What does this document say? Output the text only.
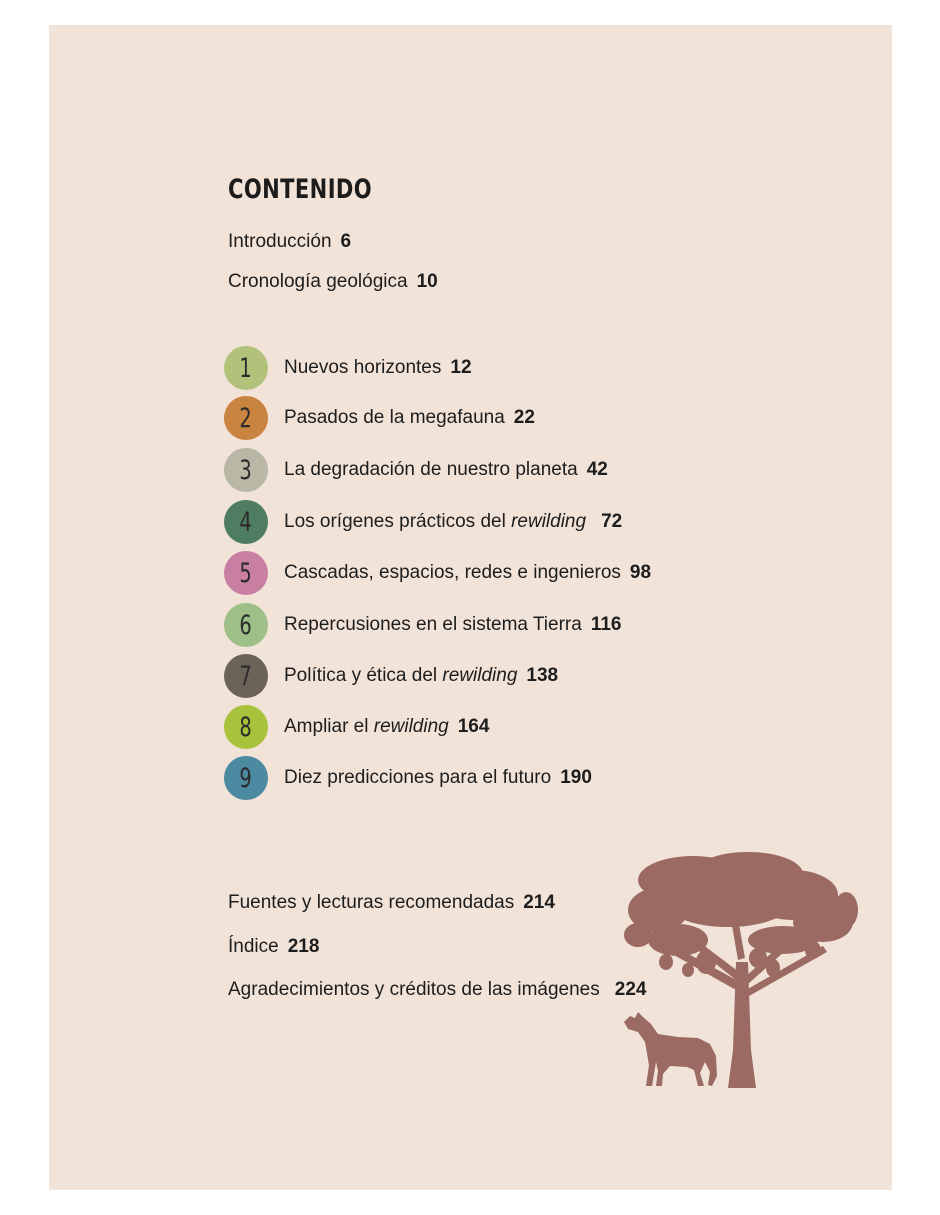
CONTENIDO
Introducción 6
Cronología geológica 10
1 Nuevos horizontes 12
2 Pasados de la megafauna 22
3 La degradación de nuestro planeta 42
4 Los orígenes prácticos del rewilding 72
5 Cascadas, espacios, redes e ingenieros 98
6 Repercusiones en el sistema Tierra 116
7 Política y ética del rewilding 138
8 Ampliar el rewilding 164
9 Diez predicciones para el futuro 190
Fuentes y lecturas recomendadas 214
Índice 218
Agradecimientos y créditos de las imágenes 224
